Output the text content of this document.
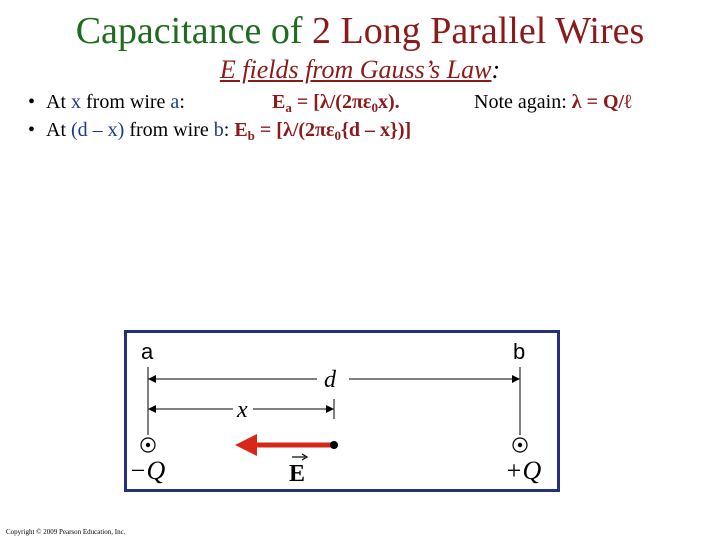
Capacitance of 2 Long Parallel Wires
E fields from Gauss’s Law:
• At x from wire a:	$E_a = [\lambda/(2\pi\varepsilon_0x)$.	Note again: λ = Q/ℓ
• At (d – x) from wire b: $E_b = [\lambda/(2\pi\varepsilon_0\{d - x\})]$
a	b
d
x
−Q	+Q
E
Copyright © 2009 Pearson Education, Inc.
